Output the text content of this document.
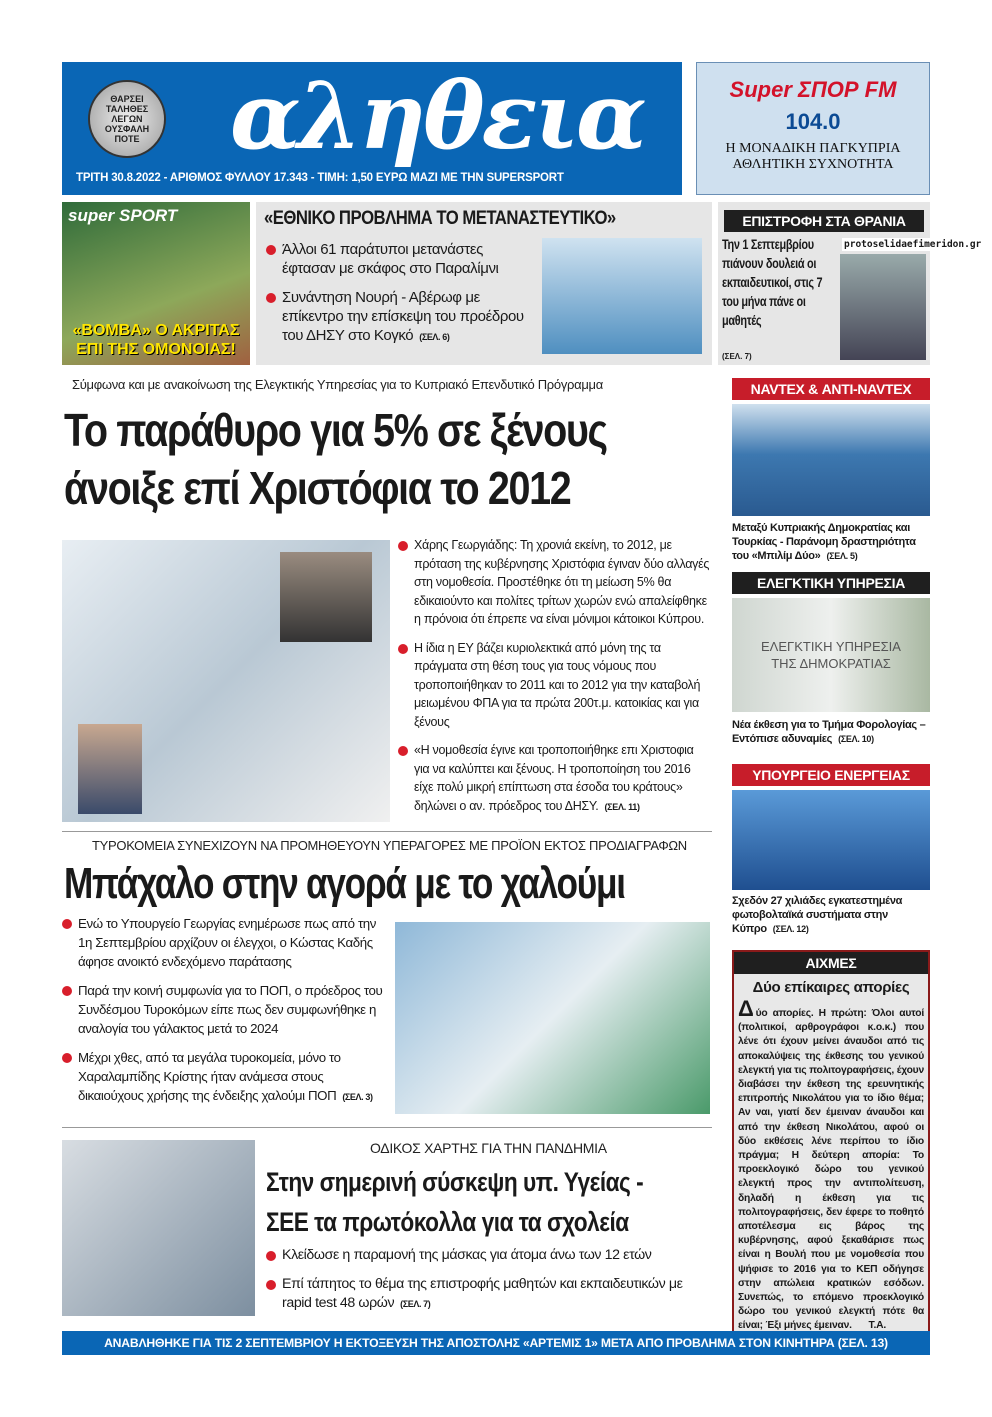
ΘΑΡΣΕΙ ΤΑΛΗΘΕΣ ΛΕΓΩΝ ΟΥΣΦΑΛΗ ΠΟΤΕ αληθεια
ΤΡΙΤΗ 30.8.2022 - ΑΡΙΘΜΟΣ ΦΥΛΛΟΥ 17.343 - ΤΙΜΗ: 1,50 ΕΥΡΩ ΜΑΖΙ ΜΕ ΤΗΝ SUPERSPORT
Super ΣΠΟΡ FM
104.0
Η ΜΟΝΑΔΙΚΗ ΠΑΓΚΥΠΡΙΑ
ΑΘΛΗΤΙΚΗ ΣΥΧΝΟΤΗΤΑ
super SPORT
«ΒΟΜΒΑ» Ο ΑΚΡΙΤΑΣ ΕΠΙ ΤΗΣ ΟΜΟΝΟΙΑΣ!
«ΕΘΝΙΚΟ ΠΡΟΒΛΗΜΑ ΤΟ ΜΕΤΑΝΑΣΤΕΥΤΙΚΟ»
Άλλοι 61 παράτυποι μετανάστες έφτασαν με σκάφος στο Παραλίμνι
Συνάντηση Νουρή - Αβέρωφ με επίκεντρο την επίσκεψη του προέδρου του ΔΗΣΥ στο Κογκό (ΣΕΛ. 6)
ΕΠΙΣΤΡΟΦΗ ΣΤΑ ΘΡΑΝΙΑ
Την 1 Σεπτεμβρίου πιάνουν δουλειά οι εκπαιδευτικοί, στις 7 του μήνα πάνε οι μαθητές
(ΣΕΛ. 7)
protoselidaefimeridon.gr
Σύμφωνα και με ανακοίνωση της Ελεγκτικής Υπηρεσίας για το Κυπριακό Επενδυτικό Πρόγραμμα
Το παράθυρο για 5% σε ξένους
άνοιξε επί Χριστόφια το 2012
Χάρης Γεωργιάδης: Τη χρονιά εκείνη, το 2012, με πρόταση της κυβέρνησης Χριστόφια έγιναν δύο αλλαγές στη νομοθεσία. Προστέθηκε ότι τη μείωση 5% θα εδικαιούντο και πολίτες τρίτων χωρών ενώ απαλείφθηκε η πρόνοια ότι έπρεπε να είναι μόνιμοι κάτοικοι Κύπρου.
Η ίδια η ΕΥ βάζει κυριολεκτικά από μόνη της τα πράγματα στη θέση τους για τους νόμους που τροποποιήθηκαν το 2011 και το 2012 για την καταβολή μειωμένου ΦΠΑ για τα πρώτα 200τ.μ. κατοικίας και για ξένους
«Η νομοθεσία έγινε και τροποποιήθηκε επι Χριστοφια για να καλύπτει και ξένους. Η τροποποίηση του 2016 είχε πολύ μικρή επίπτωση στα έσοδα του κράτους» δηλώνει ο αν. πρόεδρος του ΔΗΣΥ. (ΣΕΛ. 11)
ΤΥΡΟΚΟΜΕΙΑ ΣΥΝΕΧΙΖΟΥΝ ΝΑ ΠΡΟΜΗΘΕΥΟΥΝ ΥΠΕΡΑΓΟΡΕΣ ΜΕ ΠΡΟΪΟΝ ΕΚΤΟΣ ΠΡΟΔΙΑΓΡΑΦΩΝ
Μπάχαλο στην αγορά με το χαλούμι
Ενώ το Υπουργείο Γεωργίας ενημέρωσε πως από την 1η Σεπτεμβρίου αρχίζουν οι έλεγχοι, ο Κώστας Καδής άφησε ανοικτό ενδεχόμενο παράτασης
Παρά την κοινή συμφωνία για το ΠΟΠ, ο πρόεδρος του Συνδέσμου Τυροκόμων είπε πως δεν συμφωνήθηκε η αναλογία του γάλακτος μετά το 2024
Μέχρι χθες, από τα μεγάλα τυροκομεία, μόνο το Χαραλαμπίδης Κρίστης ήταν ανάμεσα στους δικαιούχους χρήσης της ένδειξης χαλούμι ΠΟΠ (ΣΕΛ. 3)
ΟΔΙΚΟΣ ΧΑΡΤΗΣ ΓΙΑ ΤΗΝ ΠΑΝΔΗΜΙΑ
Στην σημερινή σύσκεψη υπ. Υγείας -
ΣΕΕ τα πρωτόκολλα για τα σχολεία
Κλείδωσε η παραμονή της μάσκας για άτομα άνω των 12 ετών
Επί τάπητος το θέμα της επιστροφής μαθητών και εκπαιδευτικών με rapid test 48 ωρών (ΣΕΛ. 7)
NAVTEX & ΑΝΤΙ-NAVTEX
Μεταξύ Κυπριακής Δημοκρατίας και Τουρκίας - Παράνομη δραστηριότητα του «Μπιλίμ Δύο» (ΣΕΛ. 5)
ΕΛΕΓΚΤΙΚΗ ΥΠΗΡΕΣΙΑ
ΕΛΕΓΚΤΙΚΗ ΥΠΗΡΕΣΙΑ
ΤΗΣ ΔΗΜΟΚΡΑΤΙΑΣ
Νέα έκθεση για το Τμήμα Φορολογίας – Εντόπισε αδυναμίες (ΣΕΛ. 10)
ΥΠΟΥΡΓΕΙΟ ΕΝΕΡΓΕΙΑΣ
Σχεδόν 27 χιλιάδες εγκατεστημένα φωτοβολταϊκά συστήματα στην Κύπρο (ΣΕΛ. 12)
ΑΙΧΜΕΣ
Δύο επίκαιρες απορίες

Δύο απορίες. Η πρώτη: Όλοι αυτοί (πολιτικοί, αρθρογράφοι κ.ο.κ.) που λένε ότι έχουν μείνει άναυδοι από τις αποκαλύψεις της έκθεσης του γενικού ελεγκτή για τις πολιτογραφήσεις, έχουν διαβάσει την έκθεση της ερευνητικής επιτροπής Νικολάτου για το ίδιο θέμα; Αν ναι, γιατί δεν έμειναν άναυδοι και από την έκθεση Νικολάτου, αφού οι δύο εκθέσεις λένε περίπου το ίδιο πράγμα; Η δεύτερη απορία: Το προεκλογικό δώρο του γενικού ελεγκτή προς την αντιπολίτευση, δηλαδή η έκθεση για τις πολιτογραφήσεις, δεν έφερε το ποθητό αποτέλεσμα εις βάρος της κυβέρνησης, αφού ξεκαθάρισε πως είναι η Βουλή που με νομοθεσία που ψήφισε το 2016 για το ΚΕΠ οδήγησε στην απώλεια κρατικών εσόδων. Συνεπώς, το επόμενο προεκλογικό δώρο του γενικού ελεγκτή πότε θα είναι; Έξι μήνες έμειναν. Τ.Α.

ΑΝΑΒΛΗΘΗΚΕ ΓΙΑ ΤΙΣ 2 ΣΕΠΤΕΜΒΡΙΟΥ Η ΕΚΤΟΞΕΥΣΗ ΤΗΣ ΑΠΟΣΤΟΛΗΣ «ΑΡΤΕΜΙΣ 1» ΜΕΤΑ ΑΠΟ ΠΡΟΒΛΗΜΑ ΣΤΟΝ ΚΙΝΗΤΗΡΑ (ΣΕΛ. 13)
